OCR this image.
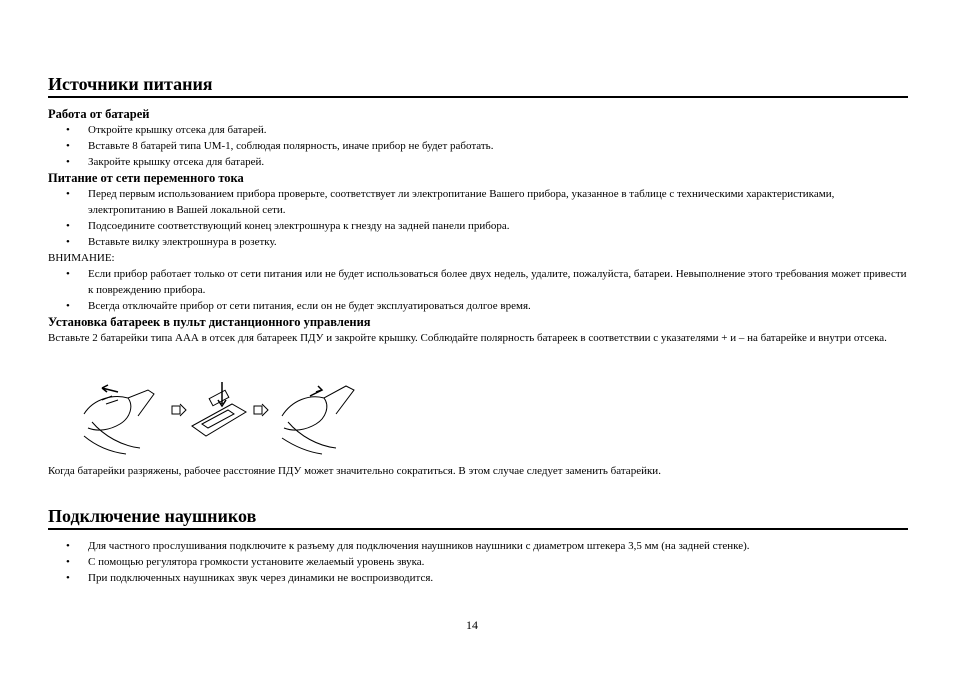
Источники питания
Работа от батарей
• Откройте крышку отсека для батарей.
• Вставьте 8 батарей типа UM-1, соблюдая полярность, иначе прибор не будет работать.
• Закройте крышку отсека для батарей.
Питание от сети переменного тока
• Перед первым использованием прибора проверьте, соответствует ли электропитание Вашего прибора, указанное в таблице с техническими характеристиками, электропитанию в Вашей локальной сети.
• Подсоедините соответствующий конец электрошнура к гнезду на задней панели прибора.
• Вставьте вилку электрошнура в розетку.

ВНИМАНИЕ:

• Если прибор работает только от сети питания или не будет использоваться более двух недель, удалите, пожалуйста, батареи. Невыполнение этого требования может привести к повреждению прибора.
• Всегда отключайте прибор от сети питания, если он не будет эксплуатироваться долгое время.
Установка батареек в пульт дистанционного управления

Вставьте 2 батарейки типа ААА в отсек для батареек ПДУ и закройте крышку. Соблюдайте полярность батареек в соответствии с указателями + и – на батарейке и внутри отсека.

Когда батарейки разряжены, рабочее расстояние ПДУ может значительно сократиться. В этом случае следует заменить батарейки.

Подключение наушников
• Для частного прослушивания подключите к разъему для подключения наушников наушники с диаметром штекера 3,5 мм (на задней стенке).
• С помощью регулятора громкости установите желаемый уровень звука.
• При подключенных наушниках звук через динамики не воспроизводится.
14
